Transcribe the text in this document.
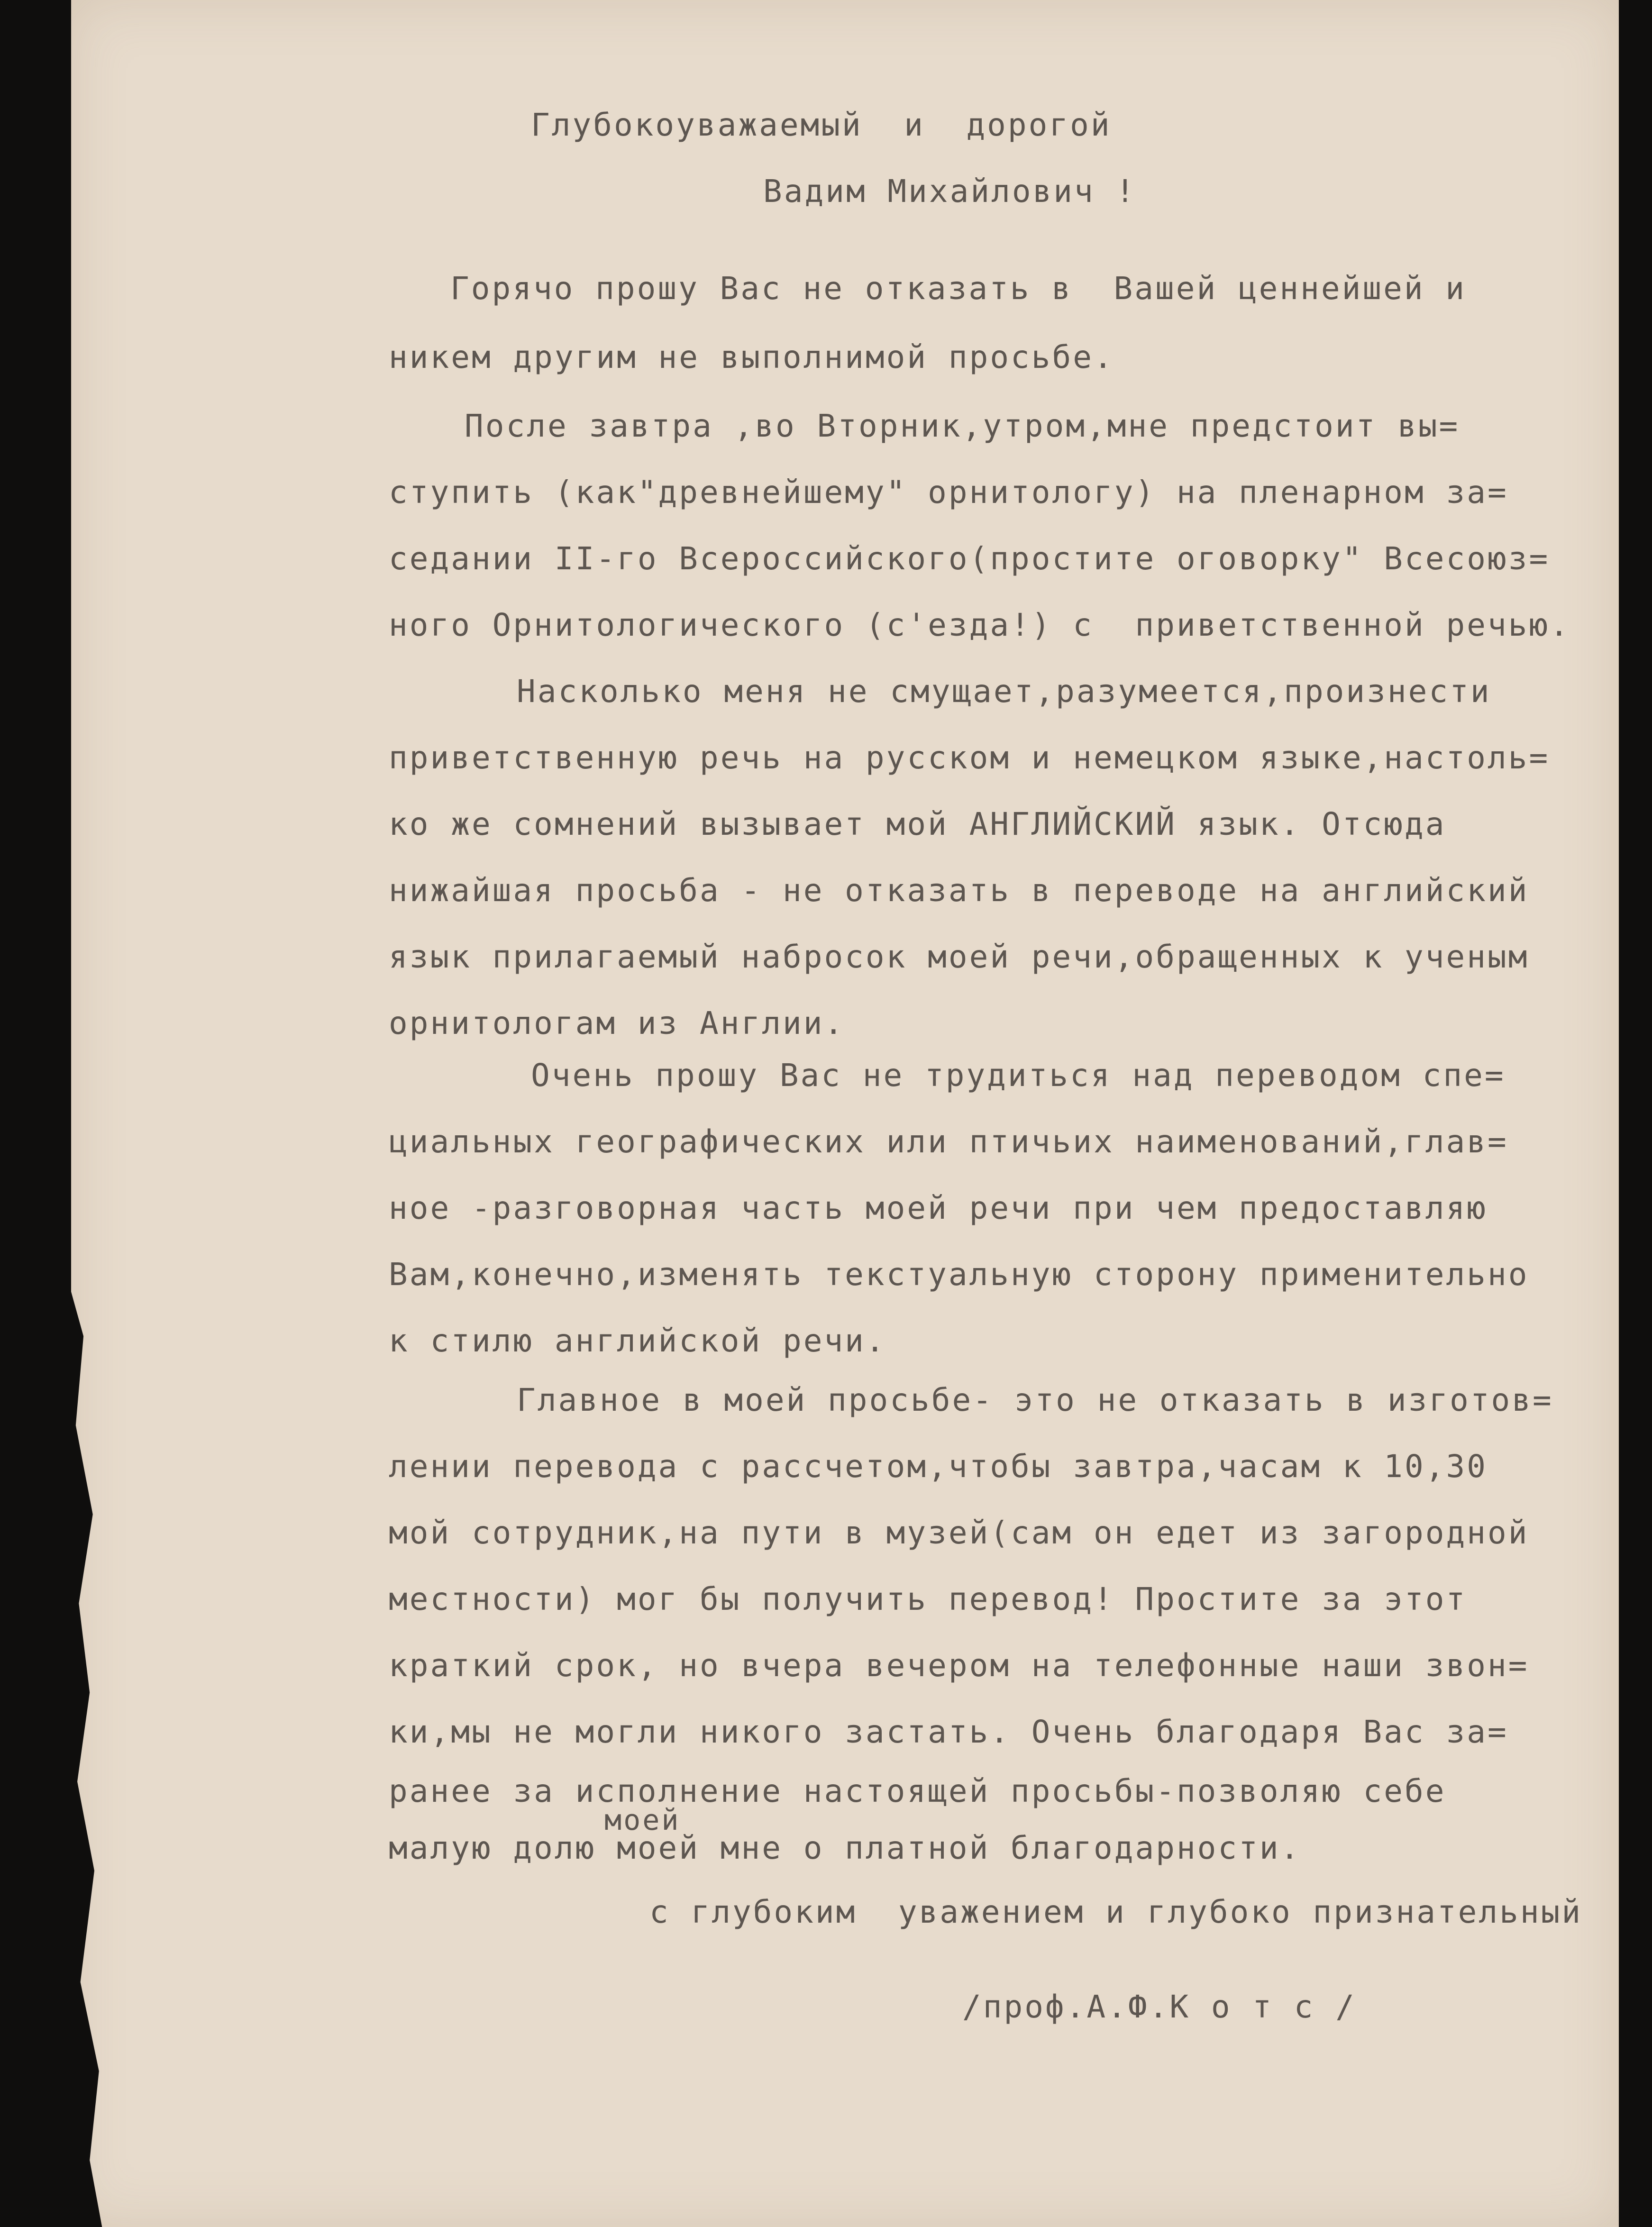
Глубокоуважаемый  и  дорогой
Вадим Михайлович !
Горячо прошу Вас не отказать в  Вашей ценнейшей и
никем другим не выполнимой просьбе.
После завтра ,во Вторник,утром,мне предстоит вы=
ступить (как"древнейшему" орнитологу) на пленарном за=
седании II-го Всероссийского(простите оговорку" Всесоюз=
ного Орнитологического (с'езда!) с  приветственной речью.
Насколько меня не смущает,разумеется,произнести
приветственную речь на русском и немецком языке,настоль=
ко же сомнений вызывает мой АНГЛИЙСКИЙ язык. Отсюда
нижайшая просьба - не отказать в переводе на английский
язык прилагаемый набросок моей речи,обращенных к ученым
орнитологам из Англии.
Очень прошу Вас не трудиться над переводом спе=
циальных географических или птичьих наименований,глав=
ное -разговорная часть моей речи при чем предоставляю
Вам,конечно,изменять текстуальную сторону применительно
к стилю английской речи.
Главное в моей просьбе- это не отказать в изготов=
лении перевода с рассчетом,чтобы завтра,часам к 10,30
мой сотрудник,на пути в музей(сам он едет из загородной
местности) мог бы получить перевод! Простите за этот
краткий срок, но вчера вечером на телефонные наши звон=
ки,мы не могли никого застать. Очень благодаря Вас за=
ранее за исполнение настоящей просьбы-позволяю себе
моей
малую долю моей мне о платной благодарности.
с глубоким  уважением и глубоко признательный
/проф.А.Ф.К о т с /
